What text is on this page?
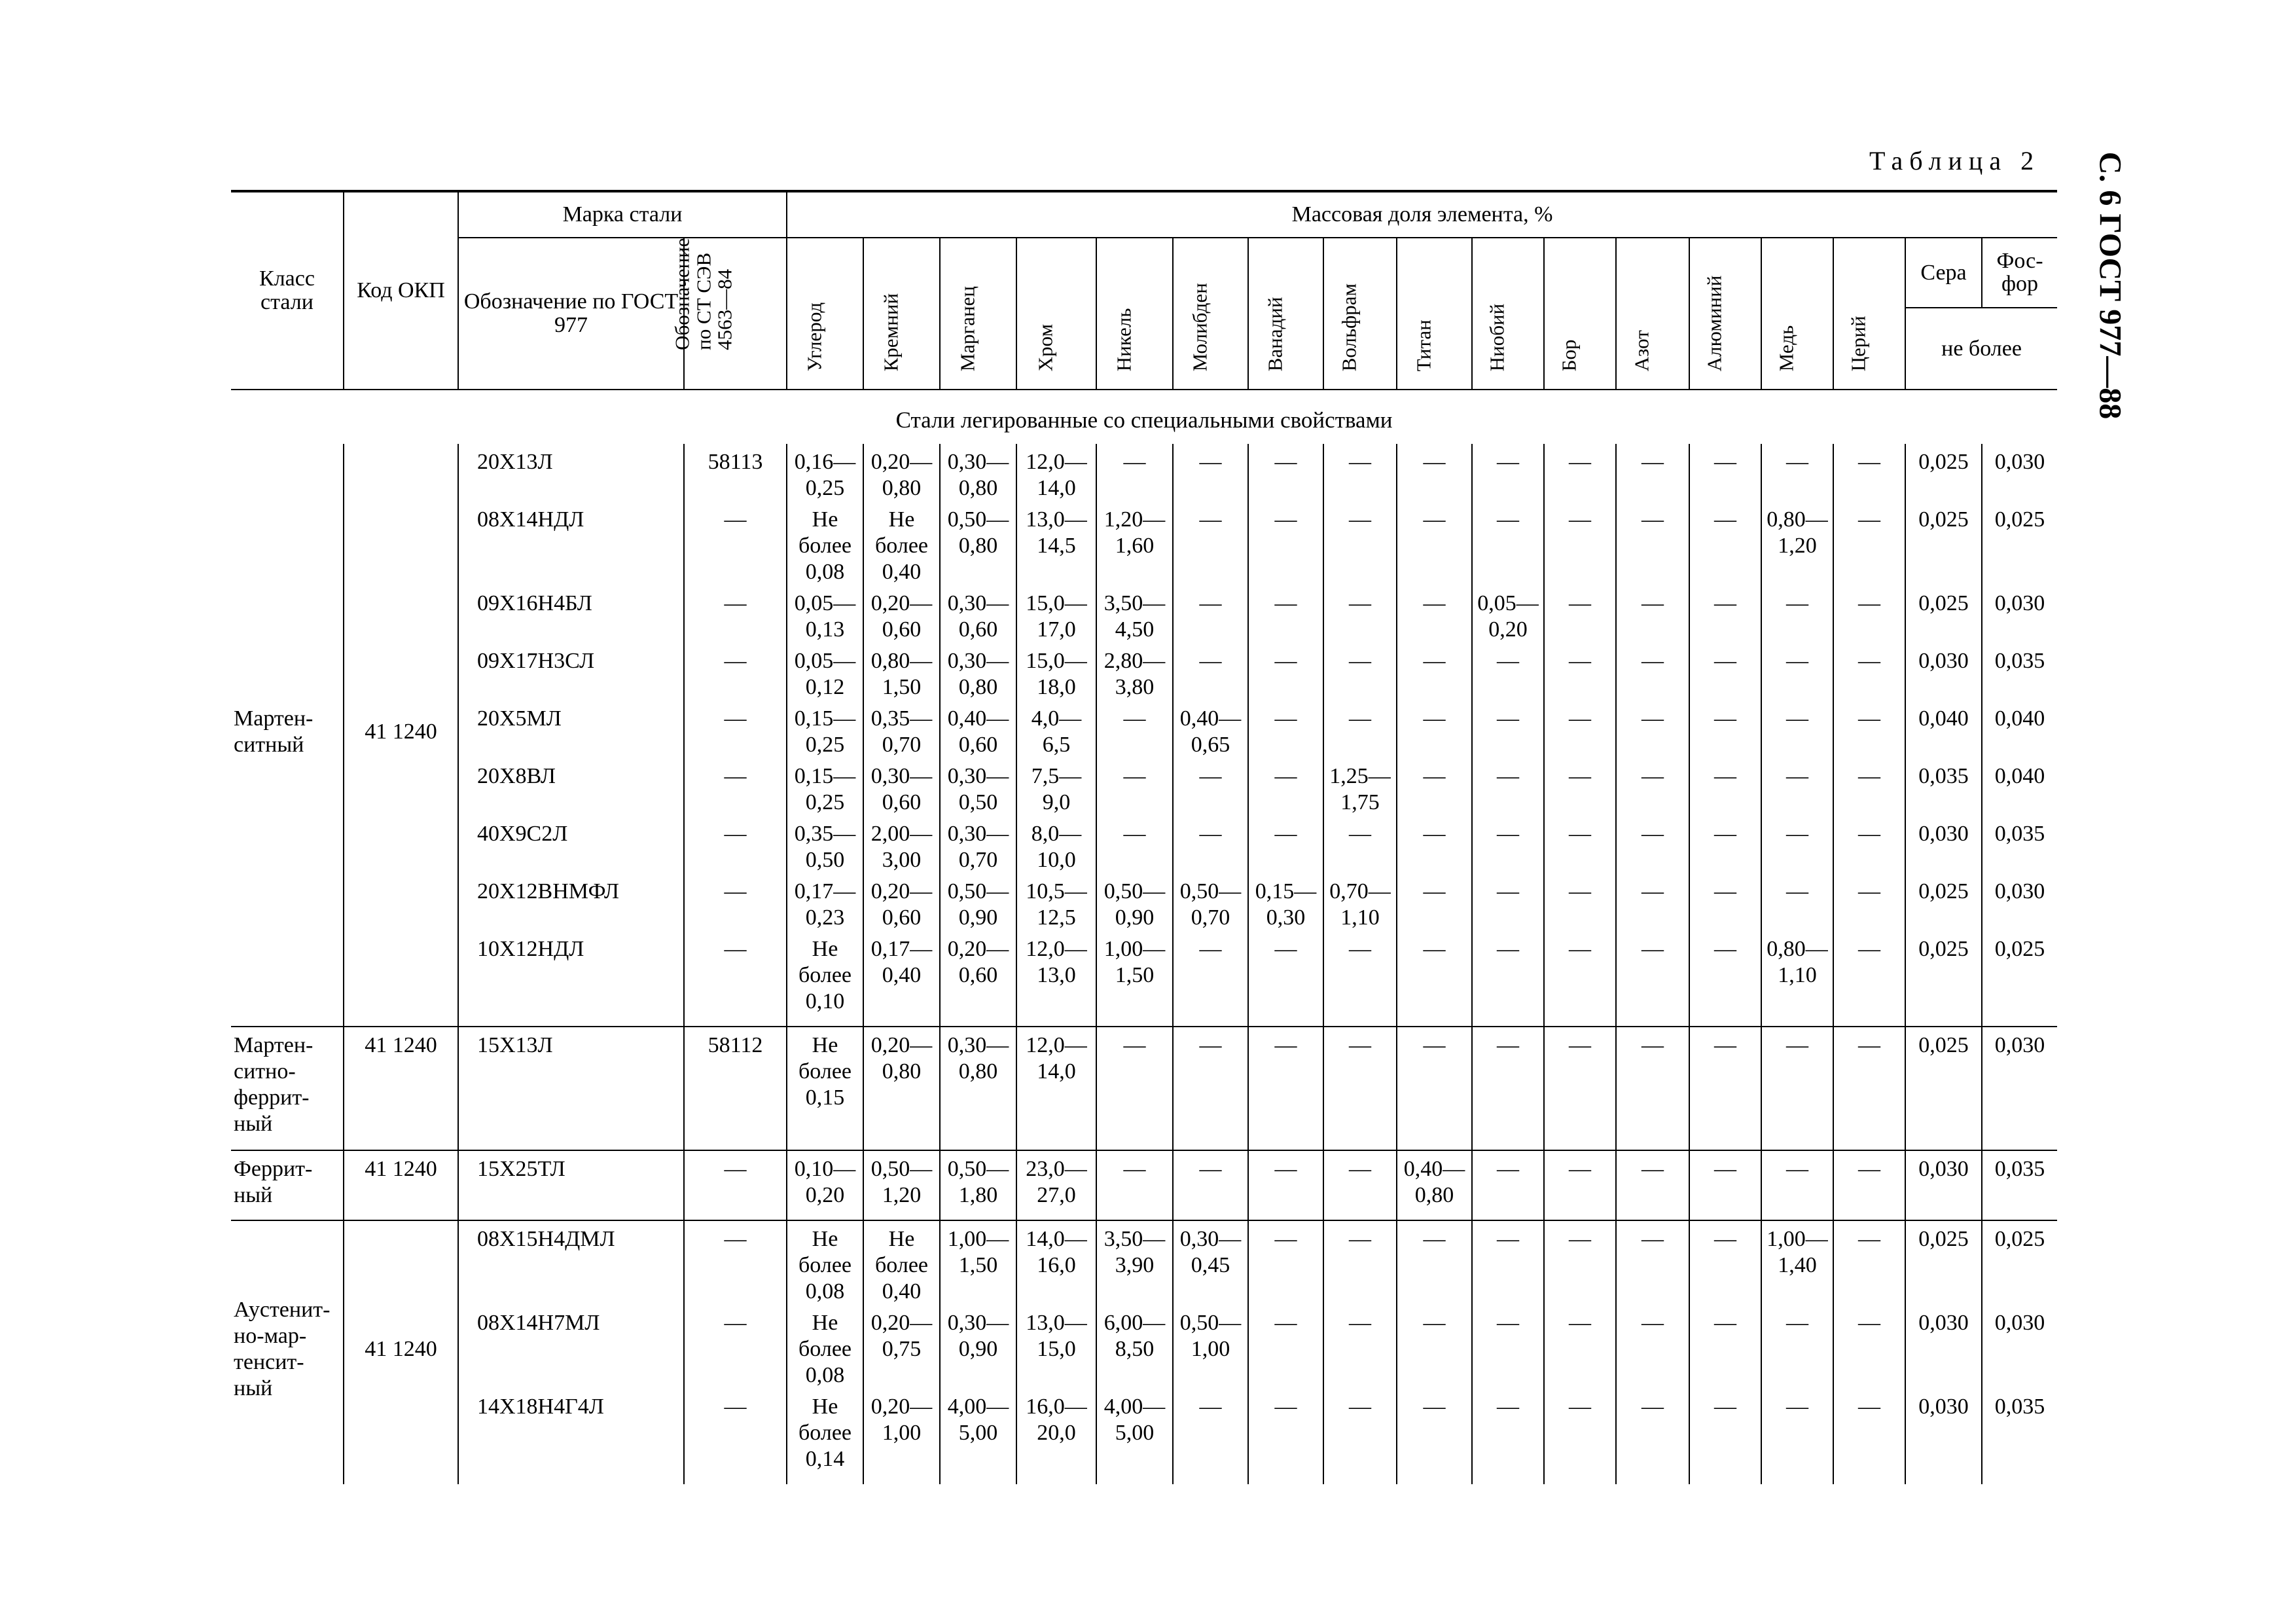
Таблица 2 С. 6 ГОСТ 977—88
Класс стали	Код ОКП	Марка стали		Массовая доля элемента, %																
		Обозначение по ГОСТ 977	Обозначение по СТ СЭВ 4563—84	Углерод	Кремний	Марганец	Хром	Никель	Молибден	Ванадий	Вольфрам	Титан	Ниобий	Бор	Азот	Алюминий	Медь	Церий	Сера	Фос-
фор
																			не более	

Стали легированные со специальными свойствами																				
Мартен-
ситный	41 1240	20Х13Л	58113	0,16—
0,25	0,20—
0,80	0,30—
0,80	12,0—
14,0	—	—	—	—	—	—	—	—	—	—	—	0,025	0,030
		08Х14НДЛ	—	Не
более
0,08	Не
более
0,40	0,50—
0,80	13,0—
14,5	1,20—
1,60	—	—	—	—	—	—	—	—	0,80—
1,20	—	0,025	0,025
		09Х16Н4БЛ	—	0,05—
0,13	0,20—
0,60	0,30—
0,60	15,0—
17,0	3,50—
4,50	—	—	—	—	0,05—
0,20	—	—	—	—	—	0,025	0,030
		09Х17Н3СЛ	—	0,05—
0,12	0,80—
1,50	0,30—
0,80	15,0—
18,0	2,80—
3,80	—	—	—	—	—	—	—	—	—	—	0,030	0,035
		20Х5МЛ	—	0,15—
0,25	0,35—
0,70	0,40—
0,60	4,0—
6,5	—	0,40—
0,65	—	—	—	—	—	—	—	—	—	0,040	0,040
		20Х8ВЛ	—	0,15—
0,25	0,30—
0,60	0,30—
0,50	7,5—
9,0	—	—	—	1,25—
1,75	—	—	—	—	—	—	—	0,035	0,040
		40Х9С2Л	—	0,35—
0,50	2,00—
3,00	0,30—
0,70	8,0—
10,0	—	—	—	—	—	—	—	—	—	—	—	0,030	0,035
		20Х12ВНМФЛ	—	0,17—
0,23	0,20—
0,60	0,50—
0,90	10,5—
12,5	0,50—
0,90	0,50—
0,70	0,15—
0,30	0,70—
1,10	—	—	—	—	—	—	—	0,025	0,030
		10Х12НДЛ	—	Не
более
0,10	0,17—
0,40	0,20—
0,60	12,0—
13,0	1,00—
1,50	—	—	—	—	—	—	—	—	0,80—
1,10	—	0,025	0,025

Мартен-
ситно-
феррит-
ный	41 1240	15Х13Л	58112	Не
более
0,15	0,20—
0,80	0,30—
0,80	12,0—
14,0	—	—	—	—	—	—	—	—	—	—	—	0,025	0,030

Феррит-
ный	41 1240	15Х25ТЛ	—	0,10—
0,20	0,50—
1,20	0,50—
1,80	23,0—
27,0	—	—	—	—	0,40—
0,80	—	—	—	—	—	—	0,030	0,035

Аустенит-
но-мар-
тенсит-
ный	41 1240	08Х15Н4ДМЛ	—	Не
более
0,08	Не
более
0,40	1,00—
1,50	14,0—
16,0	3,50—
3,90	0,30—
0,45	—	—	—	—	—	—	—	1,00—
1,40	—	0,025	0,025
		08Х14Н7МЛ	—	Не
более
0,08	0,20—
0,75	0,30—
0,90	13,0—
15,0	6,00—
8,50	0,50—
1,00	—	—	—	—	—	—	—	—	—	0,030	0,030
		14Х18Н4Г4Л	—	Не
более
0,14	0,20—
1,00	4,00—
5,00	16,0—
20,0	4,00—
5,00	—	—	—	—	—	—	—	—	—	—	0,030	0,035
